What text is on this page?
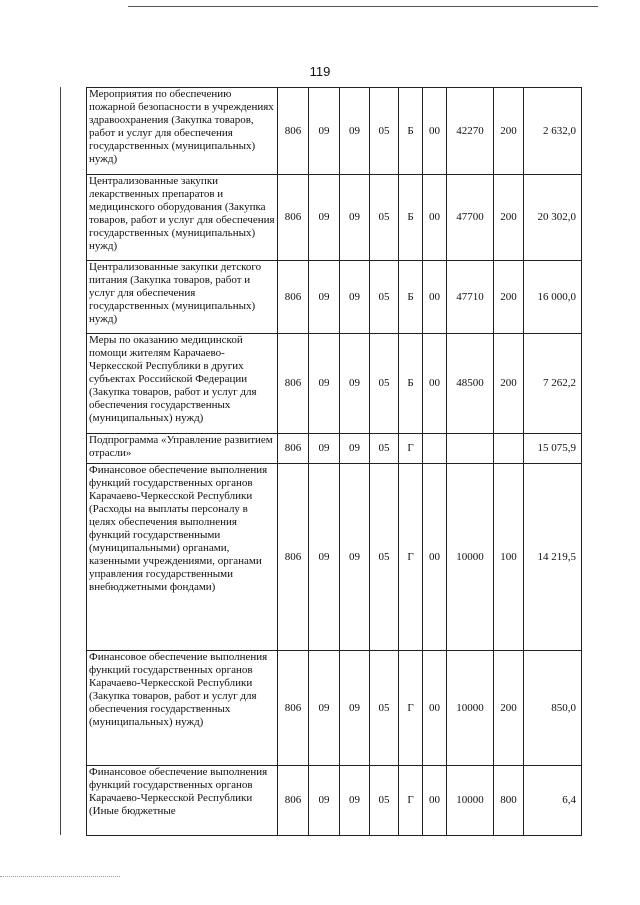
119
Мероприятия по обеспечению пожарной безопасности в учреждениях здравоохранения (Закупка товаров, работ и услуг для обеспечения государственных (муниципальных) нужд)	806	09	09	05	Б	00	42270	200	2 632,0
Централизованные закупки лекарственных препаратов и медицинского оборудования (Закупка товаров, работ и услуг для обеспечения государственных (муниципальных) нужд)	806	09	09	05	Б	00	47700	200	20 302,0
Централизованные закупки детского питания (Закупка товаров, работ и услуг для обеспечения государственных (муниципальных) нужд)	806	09	09	05	Б	00	47710	200	16 000,0
Меры по оказанию медицинской помощи жителям Карачаево-Черкесской Республики в других субъектах Российской Федерации (Закупка товаров, работ и услуг для обеспечения государственных (муниципальных) нужд)	806	09	09	05	Б	00	48500	200	7 262,2
Подпрограмма «Управление развитием отрасли»	806	09	09	05	Г				15 075,9
Финансовое обеспечение выполнения функций государственных органов Карачаево-Черкесской Республики (Расходы на выплаты персоналу в целях обеспечения выполнения функций государственными (муниципальными) органами, казенными учреждениями, органами управления государственными внебюджетными фондами)	806	09	09	05	Г	00	10000	100	14 219,5
Финансовое обеспечение выполнения функций государственных органов Карачаево-Черкесской Республики (Закупка товаров, работ и услуг для обеспечения государственных (муниципальных) нужд)	806	09	09	05	Г	00	10000	200	850,0
Финансовое обеспечение выполнения функций государственных органов Карачаево-Черкесской Республики (Иные бюджетные	806	09	09	05	Г	00	10000	800	6,4
